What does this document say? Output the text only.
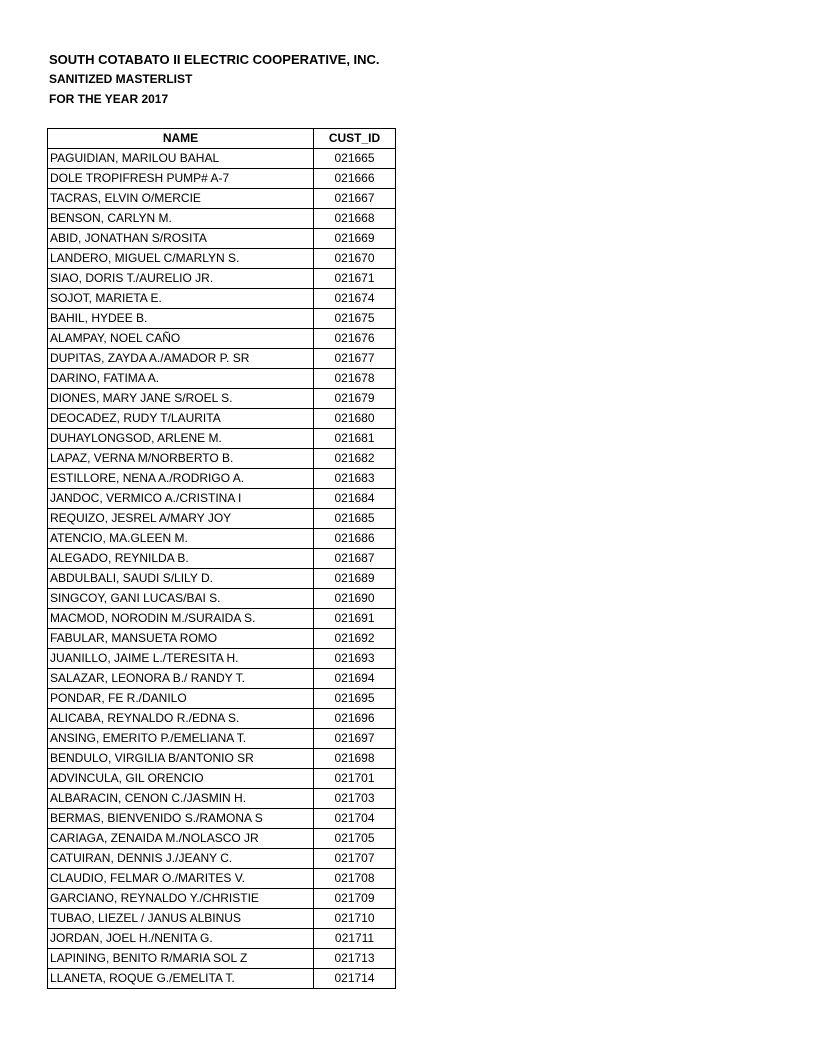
SOUTH COTABATO II ELECTRIC COOPERATIVE, INC.
SANITIZED MASTERLIST
FOR THE YEAR 2017
NAME	CUST_ID
PAGUIDIAN, MARILOU BAHAL	021665
DOLE TROPIFRESH PUMP# A-7	021666
TACRAS, ELVIN O/MERCIE	021667
BENSON, CARLYN M.	021668
ABID, JONATHAN S/ROSITA	021669
LANDERO, MIGUEL C/MARLYN S.	021670
SIAO, DORIS T./AURELIO JR.	021671
SOJOT, MARIETA E.	021674
BAHIL, HYDEE B.	021675
ALAMPAY, NOEL CAÑO	021676
DUPITAS, ZAYDA A./AMADOR P. SR	021677
DARINO, FATIMA A.	021678
DIONES, MARY JANE S/ROEL S.	021679
DEOCADEZ, RUDY T/LAURITA	021680
DUHAYLONGSOD, ARLENE M.	021681
LAPAZ, VERNA M/NORBERTO B.	021682
ESTILLORE, NENA A./RODRIGO A.	021683
JANDOC, VERMICO A./CRISTINA I	021684
REQUIZO, JESREL A/MARY JOY	021685
ATENCIO, MA.GLEEN M.	021686
ALEGADO, REYNILDA B.	021687
ABDULBALI, SAUDI S/LILY D.	021689
SINGCOY, GANI LUCAS/BAI S.	021690
MACMOD, NORODIN M./SURAIDA S.	021691
FABULAR, MANSUETA ROMO	021692
JUANILLO, JAIME L./TERESITA H.	021693
SALAZAR, LEONORA B./ RANDY T.	021694
PONDAR, FE R./DANILO	021695
ALICABA, REYNALDO R./EDNA S.	021696
ANSING, EMERITO P./EMELIANA T.	021697
BENDULO, VIRGILIA B/ANTONIO SR	021698
ADVINCULA, GIL ORENCIO	021701
ALBARACIN, CENON C./JASMIN H.	021703
BERMAS, BIENVENIDO S./RAMONA S	021704
CARIAGA, ZENAIDA M./NOLASCO JR	021705
CATUIRAN, DENNIS J./JEANY C.	021707
CLAUDIO, FELMAR O./MARITES V.	021708
GARCIANO, REYNALDO Y./CHRISTIE	021709
TUBAO, LIEZEL / JANUS ALBINUS	021710
JORDAN, JOEL H./NENITA G.	021711
LAPINING, BENITO R/MARIA SOL Z	021713
LLANETA, ROQUE G./EMELITA T.	021714
